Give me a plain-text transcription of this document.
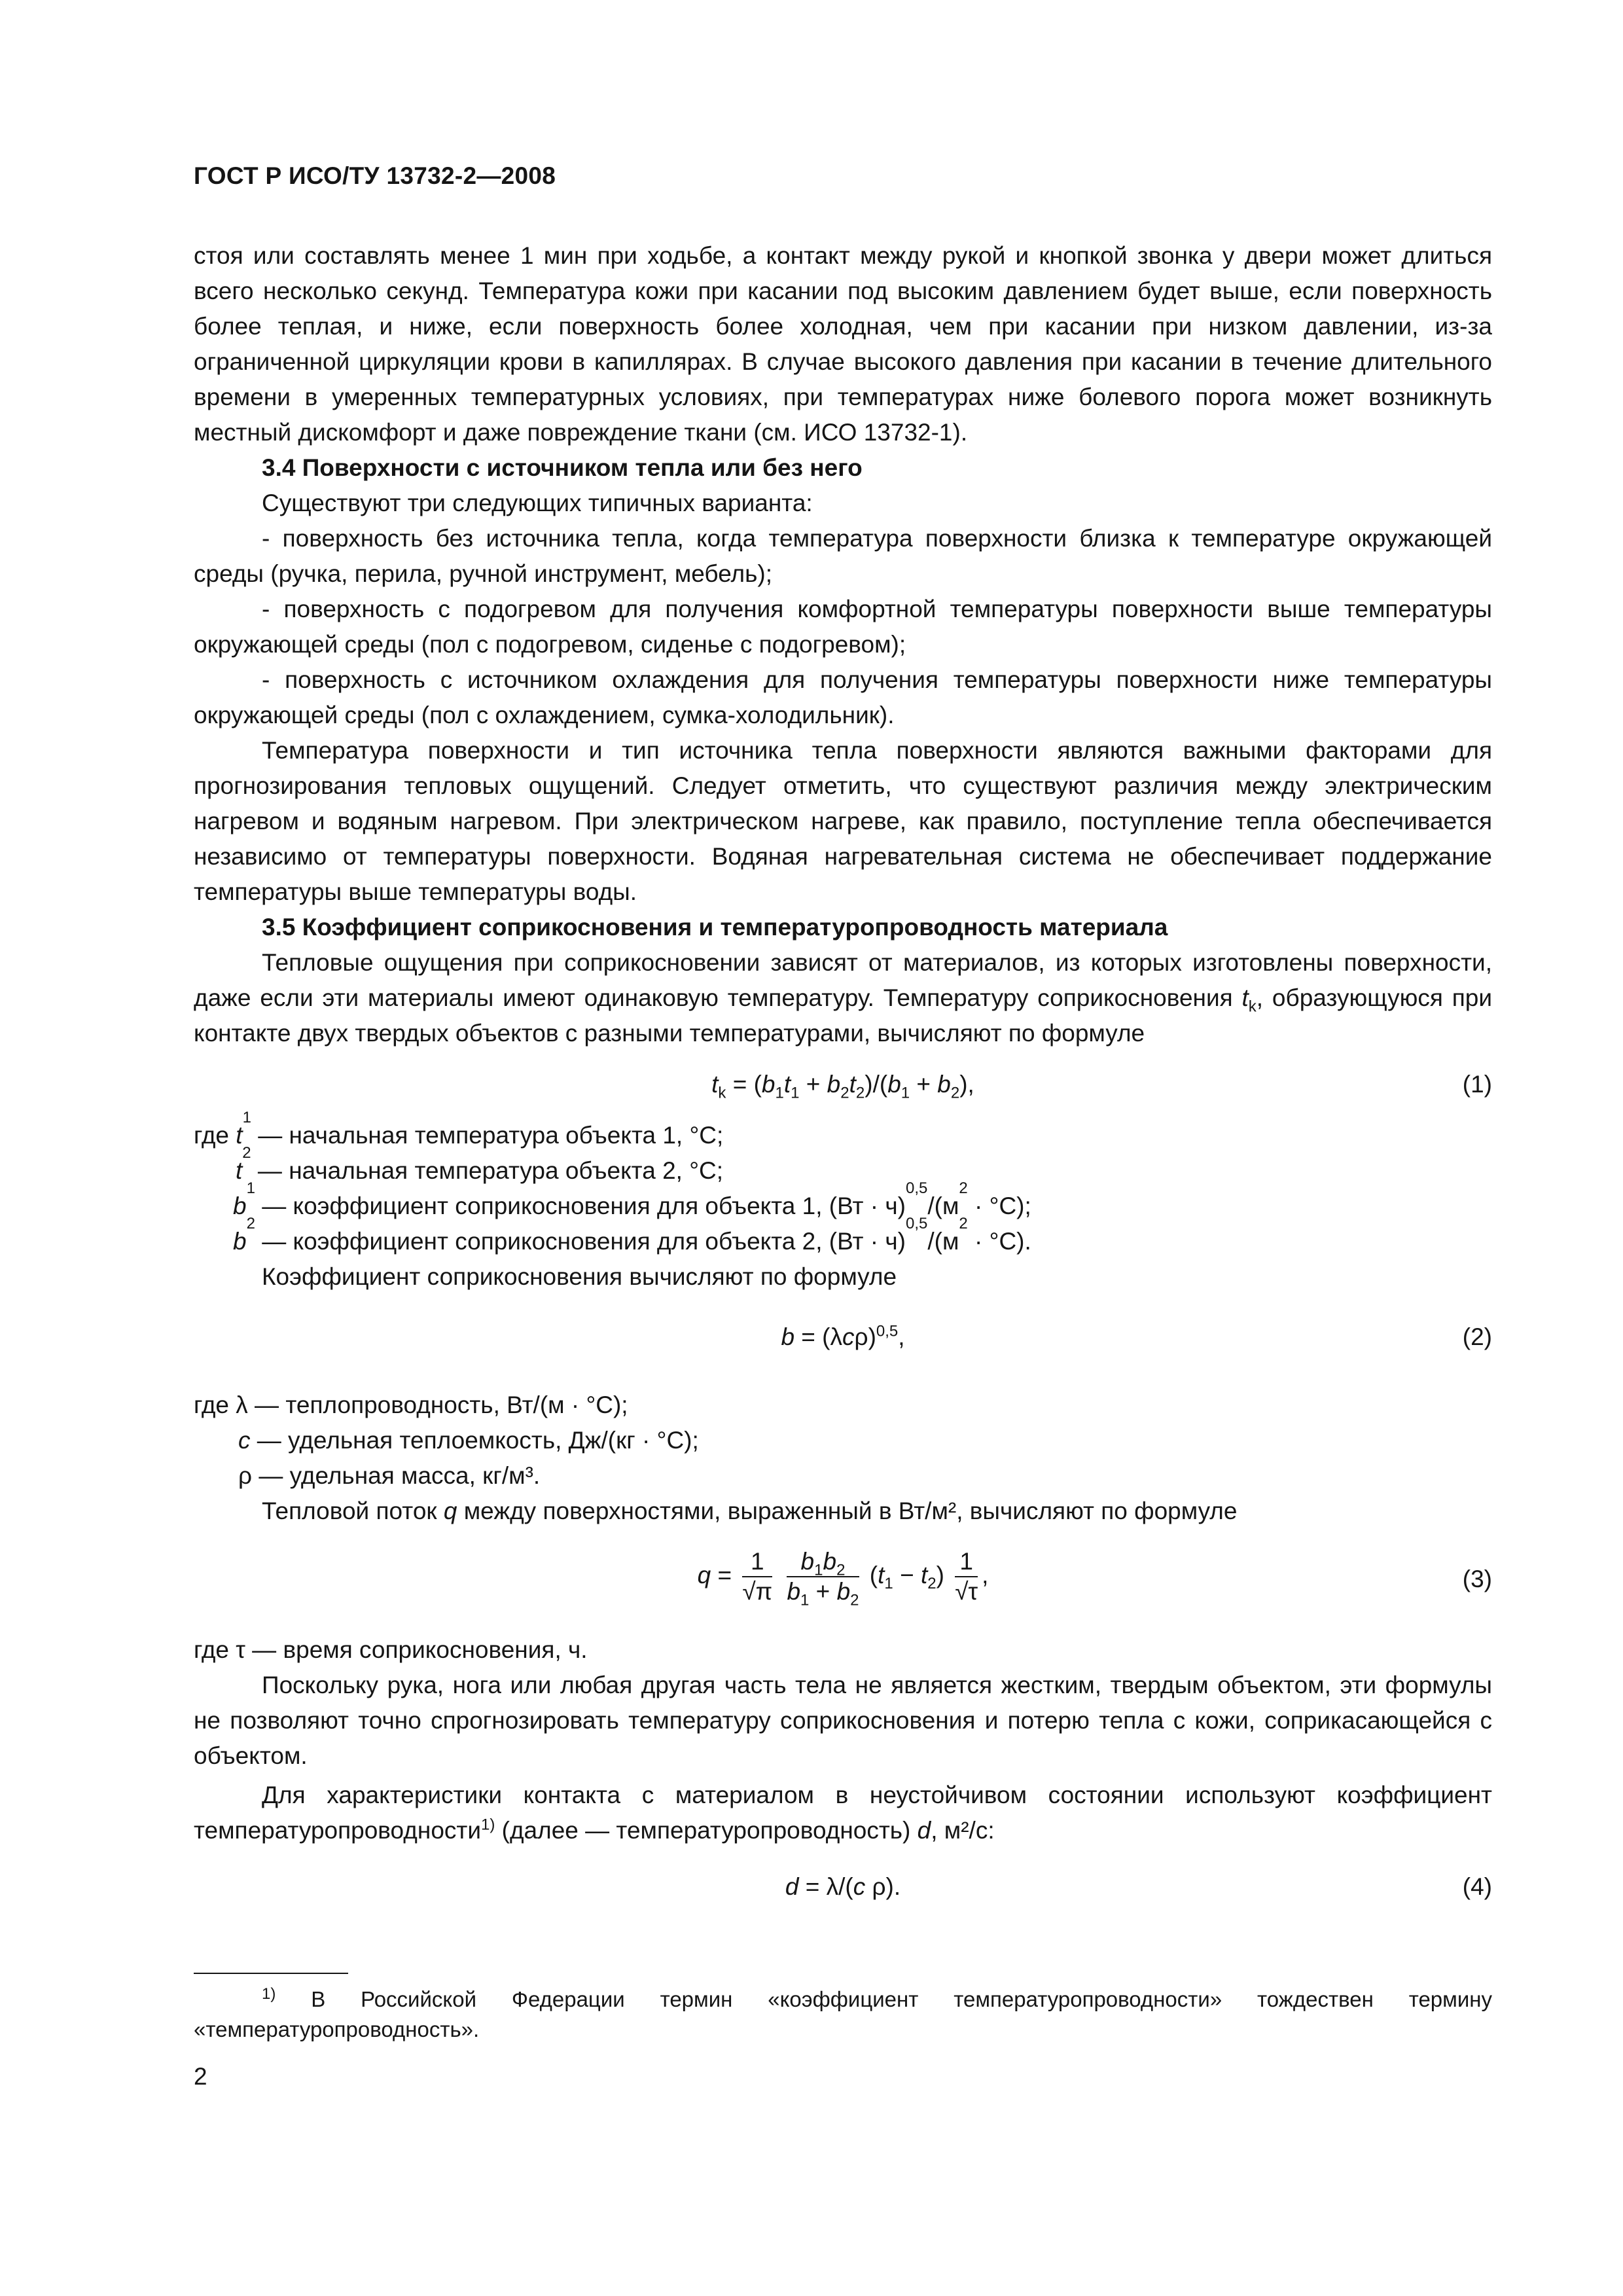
ГОСТ Р ИСО/ТУ 13732-2—2008

стоя или составлять менее 1 мин при ходьбе, а контакт между рукой и кнопкой звонка у двери может длиться всего несколько секунд. Температура кожи при касании под высоким давлением будет выше, если поверхность более теплая, и ниже, если поверхность более холодная, чем при касании при низком давлении, из-за ограниченной циркуляции крови в капиллярах. В случае высокого давления при касании в течение длительного времени в умеренных температурных условиях, при температурах ниже болевого порога может возникнуть местный дискомфорт и даже повреждение ткани (см. ИСО 13732-1).

3.4 Поверхности с источником тепла или без него

Существуют три следующих типичных варианта:

- поверхность без источника тепла, когда температура поверхности близка к температуре окружающей среды (ручка, перила, ручной инструмент, мебель);

- поверхность с подогревом для получения комфортной температуры поверхности выше температуры окружающей среды (пол с подогревом, сиденье с подогревом);

- поверхность с источником охлаждения для получения температуры поверхности ниже температуры окружающей среды (пол с охлаждением, сумка-холодильник).

Температура поверхности и тип источника тепла поверхности являются важными факторами для прогнозирования тепловых ощущений. Следует отметить, что существуют различия между электрическим нагревом и водяным нагревом. При электрическом нагреве, как правило, поступление тепла обеспечивается независимо от температуры поверхности. Водяная нагревательная система не обеспечивает поддержание температуры выше температуры воды.

3.5 Коэффициент соприкосновения и температуропроводность материала

Тепловые ощущения при соприкосновении зависят от материалов, из которых изготовлены поверхности, даже если эти материалы имеют одинаковую температуру. Температуру соприкосновения $t_k$, образующуюся при контакте двух твердых объектов с разными температурами, вычисляют по формуле

$t_k = (b_1t_1 + b_2t_2)/(b_1 + b_2)$,	(1)
где t
1
— начальная температура объекта 1, °С;
t
2
— начальная температура объекта 2, °С;
b
1
— коэффициент соприкосновения для объекта 1, (Вт · ч)
0,5
/(м
2
· °С);
b
2
— коэффициент соприкосновения для объекта 2, (Вт · ч)
0,5
/(м
2
· °С).

Коэффициент соприкосновения вычисляют по формуле

$b = (\lambda c\rho)^{0,5}$,	(2)
где λ — теплопроводность, Вт/(м · °С);
c — удельная теплоемкость, Дж/(кг · °С);
ρ — удельная масса, кг/м³.

Тепловой поток q между поверхностями, выраженный в Вт/м², вычисляют по формуле

$q = \frac{1}{√\pi}$
$\frac{b_1b_2}{b_1 + b_2} (t_1 - t_2) \frac{1}{√\tau}$ ,	(3)

где τ — время соприкосновения, ч.

Поскольку рука, нога или любая другая часть тела не является жестким, твердым объектом, эти формулы не позволяют точно спрогнозировать температуру соприкосновения и потерю тепла с кожи, соприкасающейся с объектом.

Для характеристики контакта с материалом в неустойчивом состоянии используют коэффициент температуропроводности$^{1)}$ (далее — температуропроводность) d, м²/с:

d = λ/(c ρ).	(4)
$^{1)}$ В Российской Федерации термин «коэффициент температуропроводности» тождествен термину «температуропроводность».
2
